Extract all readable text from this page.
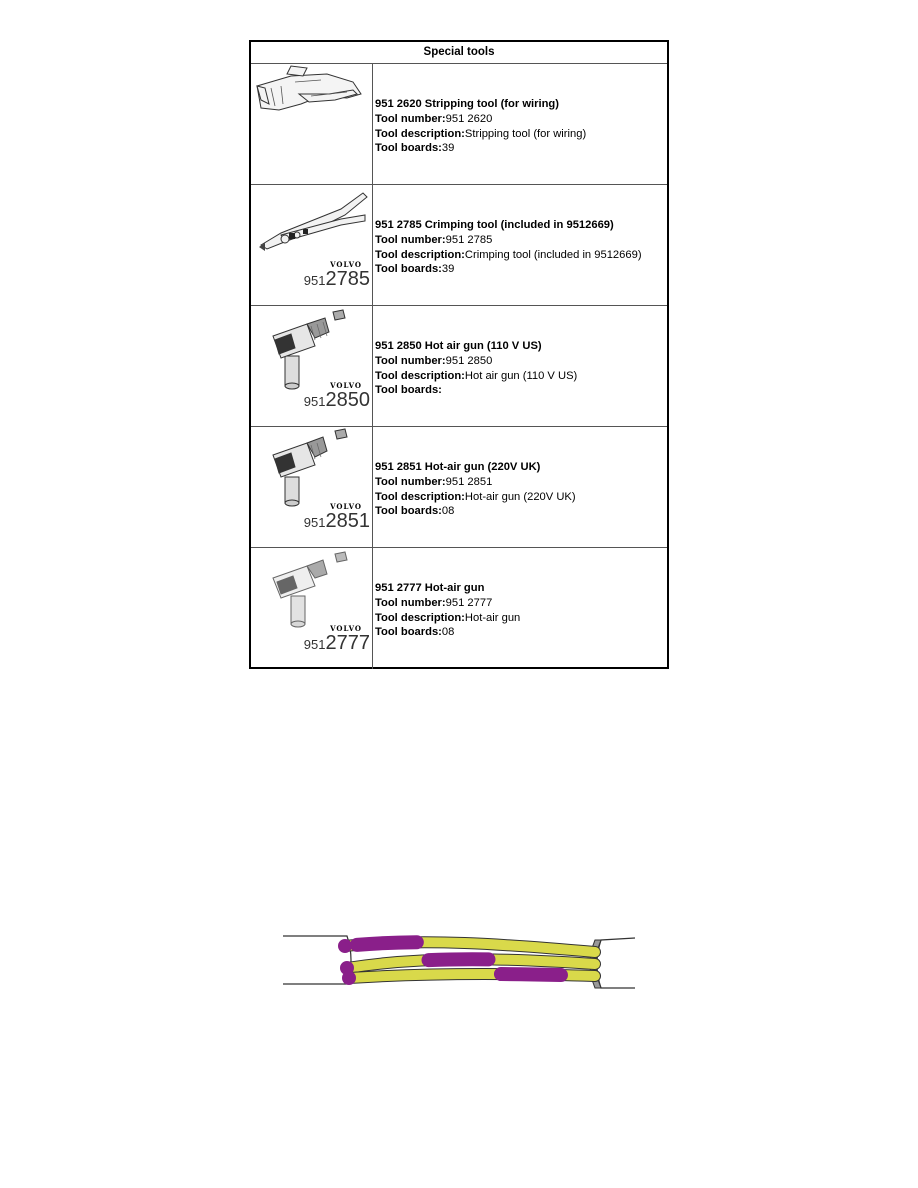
Special tools
951 2620 Stripping tool (for wiring)
Tool number:951 2620
Tool description:Stripping tool (for wiring)
Tool boards:39
VOLVO
9512785
951 2785 Crimping tool (included in 9512669)
Tool number:951 2785
Tool description:Crimping tool (included in 9512669)
Tool boards:39
VOLVO
9512850
951 2850 Hot air gun (110 V US)
Tool number:951 2850
Tool description:Hot air gun (110 V US)
Tool boards:
VOLVO
9512851
951 2851 Hot-air gun (220V UK)
Tool number:951 2851
Tool description:Hot-air gun (220V UK)
Tool boards:08
VOLVO
9512777
951 2777 Hot-air gun
Tool number:951 2777
Tool description:Hot-air gun
Tool boards:08
